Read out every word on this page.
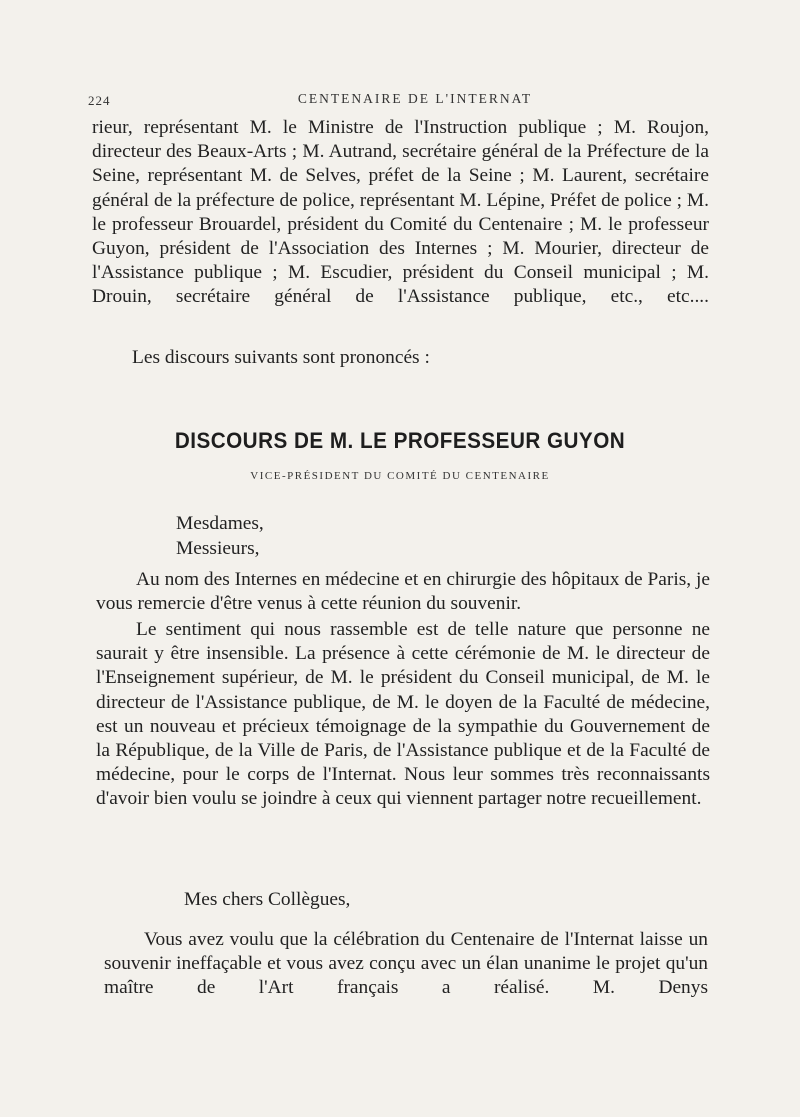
224	CENTENAIRE DE L'INTERNAT

rieur, représentant M. le Ministre de l'Instruction publique ; M. Roujon, directeur des Beaux-Arts ; M. Autrand, secrétaire général de la Préfecture de la Seine, représentant M. de Selves, préfet de la Seine ; M. Laurent, secrétaire général de la préfecture de police, représentant M. Lépine, Préfet de police ; M. le professeur Brouardel, président du Comité du Centenaire ; M. le professeur Guyon, président de l'Association des Internes ; M. Mourier, directeur de l'Assistance publique ; M. Escudier, président du Conseil municipal ; M. Drouin, secrétaire général de l'Assistance publique, etc., etc....

Les discours suivants sont prononcés :

DISCOURS DE M. LE PROFESSEUR GUYON
VICE-PRÉSIDENT DU COMITÉ DU CENTENAIRE

Mesdames,

Messieurs,

Au nom des Internes en médecine et en chirurgie des hôpitaux de Paris, je vous remercie d'être venus à cette réunion du souvenir.

Le sentiment qui nous rassemble est de telle nature que personne ne saurait y être insensible. La présence à cette cérémonie de M. le directeur de l'Enseignement supérieur, de M. le président du Conseil municipal, de M. le directeur de l'Assistance publique, de M. le doyen de la Faculté de médecine, est un nouveau et précieux témoignage de la sympathie du Gouvernement de la République, de la Ville de Paris, de l'Assistance publique et de la Faculté de médecine, pour le corps de l'Internat. Nous leur sommes très reconnaissants d'avoir bien voulu se joindre à ceux qui viennent partager notre recueillement.

Mes chers Collègues,

Vous avez voulu que la célébration du Centenaire de l'Internat laisse un souvenir ineffaçable et vous avez conçu avec un élan unanime le projet qu'un maître de l'Art français a réalisé. M. Denys
